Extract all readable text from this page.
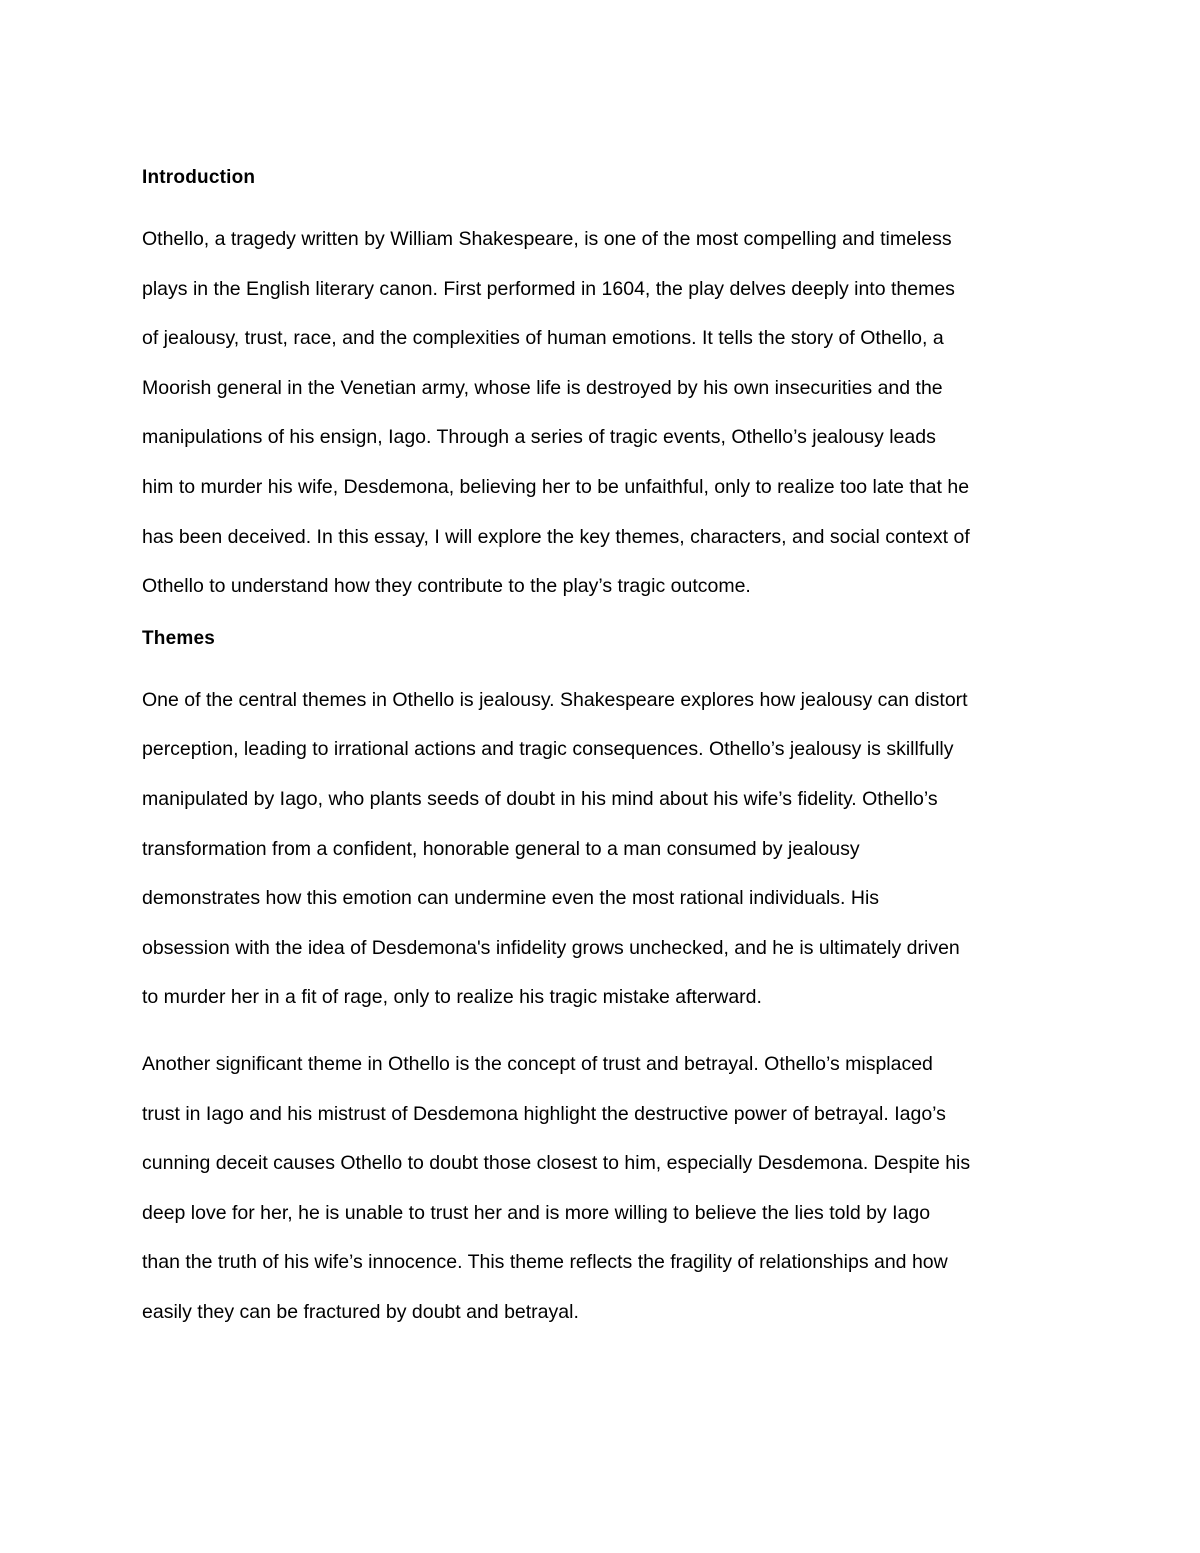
Introduction

Othello, a tragedy written by William Shakespeare, is one of the most compelling and timeless
plays in the English literary canon. First performed in 1604, the play delves deeply into themes
of jealousy, trust, race, and the complexities of human emotions. It tells the story of Othello, a
Moorish general in the Venetian army, whose life is destroyed by his own insecurities and the
manipulations of his ensign, Iago. Through a series of tragic events, Othello’s jealousy leads
him to murder his wife, Desdemona, believing her to be unfaithful, only to realize too late that he
has been deceived. In this essay, I will explore the key themes, characters, and social context of
Othello to understand how they contribute to the play’s tragic outcome.

Themes

One of the central themes in Othello is jealousy. Shakespeare explores how jealousy can distort
perception, leading to irrational actions and tragic consequences. Othello’s jealousy is skillfully
manipulated by Iago, who plants seeds of doubt in his mind about his wife’s fidelity. Othello’s
transformation from a confident, honorable general to a man consumed by jealousy
demonstrates how this emotion can undermine even the most rational individuals. His
obsession with the idea of Desdemona's infidelity grows unchecked, and he is ultimately driven
to murder her in a fit of rage, only to realize his tragic mistake afterward.

Another significant theme in Othello is the concept of trust and betrayal. Othello’s misplaced
trust in Iago and his mistrust of Desdemona highlight the destructive power of betrayal. Iago’s
cunning deceit causes Othello to doubt those closest to him, especially Desdemona. Despite his
deep love for her, he is unable to trust her and is more willing to believe the lies told by Iago
than the truth of his wife’s innocence. This theme reflects the fragility of relationships and how
easily they can be fractured by doubt and betrayal.
